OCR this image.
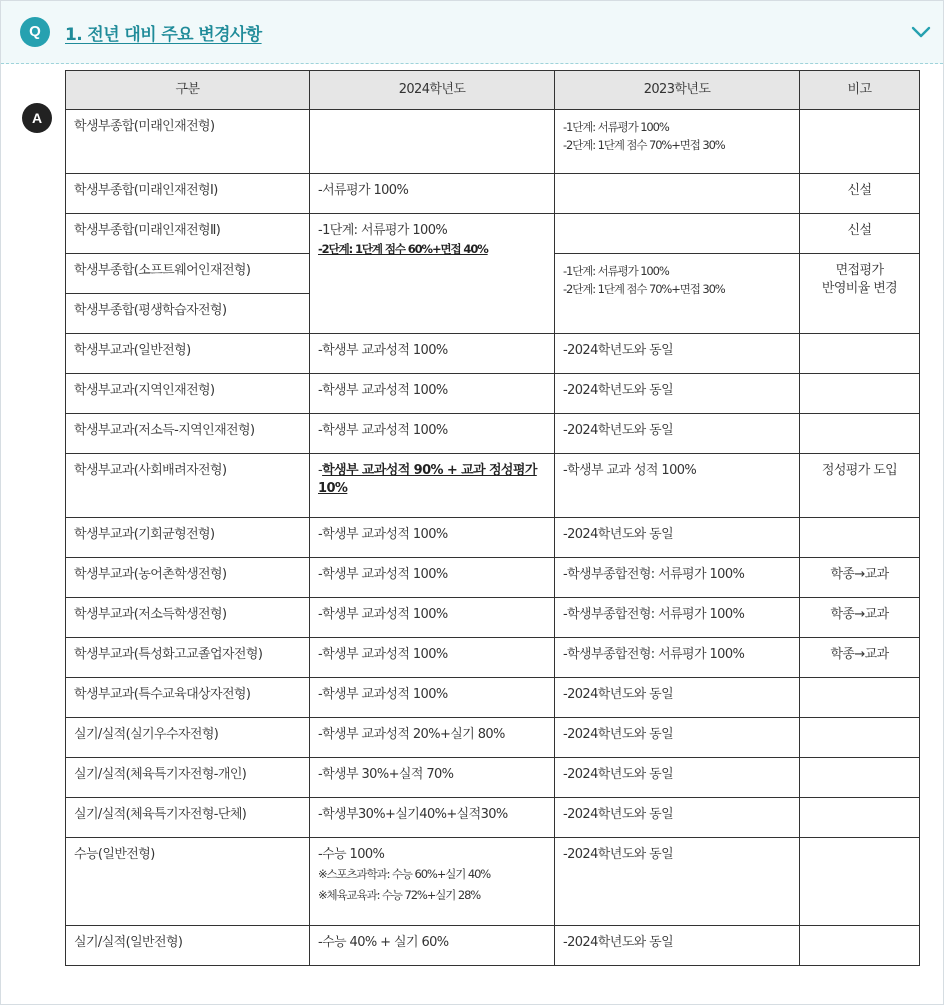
Q	1. 전년 대비 주요 변경사항
A
구분	2024학년도	2023학년도	비고
학생부종합(미래인재전형)		-1단계: 서류평가 100%
-2단계: 1단계 점수 70%+면접 30%	

학생부종합(미래인재전형Ⅰ)	-서류평가 100%		신설
학생부종합(미래인재전형Ⅱ)	-1단계: 서류평가 100%
-2단계: 1단계 점수 60%+면접 40%		신설
학생부종합(소프트웨어인재전형)		-1단계: 서류평가 100%
-2단계: 1단계 점수 70%+면접 30%	면접평가
반영비율 변경

학생부종합(평생학습자전형)			
학생부교과(일반전형)	-학생부 교과성적 100%	-2024학년도와 동일	
학생부교과(지역인재전형)	-학생부 교과성적 100%	-2024학년도와 동일	
학생부교과(저소득-지역인재전형)	-학생부 교과성적 100%	-2024학년도와 동일	
학생부교과(사회배려자전형)	-학생부 교과성적 90% + 교과 정성평가 10%	-학생부 교과 성적 100%	정성평가 도입
학생부교과(기회균형전형)	-학생부 교과성적 100%	-2024학년도와 동일	
학생부교과(농어촌학생전형)	-학생부 교과성적 100%	-학생부종합전형: 서류평가 100%	학종→교과
학생부교과(저소득학생전형)	-학생부 교과성적 100%	-학생부종합전형: 서류평가 100%	학종→교과
학생부교과(특성화고교졸업자전형)	-학생부 교과성적 100%	-학생부종합전형: 서류평가 100%	학종→교과
학생부교과(특수교육대상자전형)	-학생부 교과성적 100%	-2024학년도와 동일	
실기/실적(실기우수자전형)	-학생부 교과성적 20%+실기 80%	-2024학년도와 동일	
실기/실적(체육특기자전형-개인)	-학생부 30%+실적 70%	-2024학년도와 동일	
실기/실적(체육특기자전형-단체)	-학생부30%+실기40%+실적30%	-2024학년도와 동일	
수능(일반전형)	-수능 100%
※스포츠과학과: 수능 60%+실기 40%
※체육교육과: 수능 72%+실기 28%	-2024학년도와 동일	
실기/실적(일반전형)	-수능 40% + 실기 60%	-2024학년도와 동일	
